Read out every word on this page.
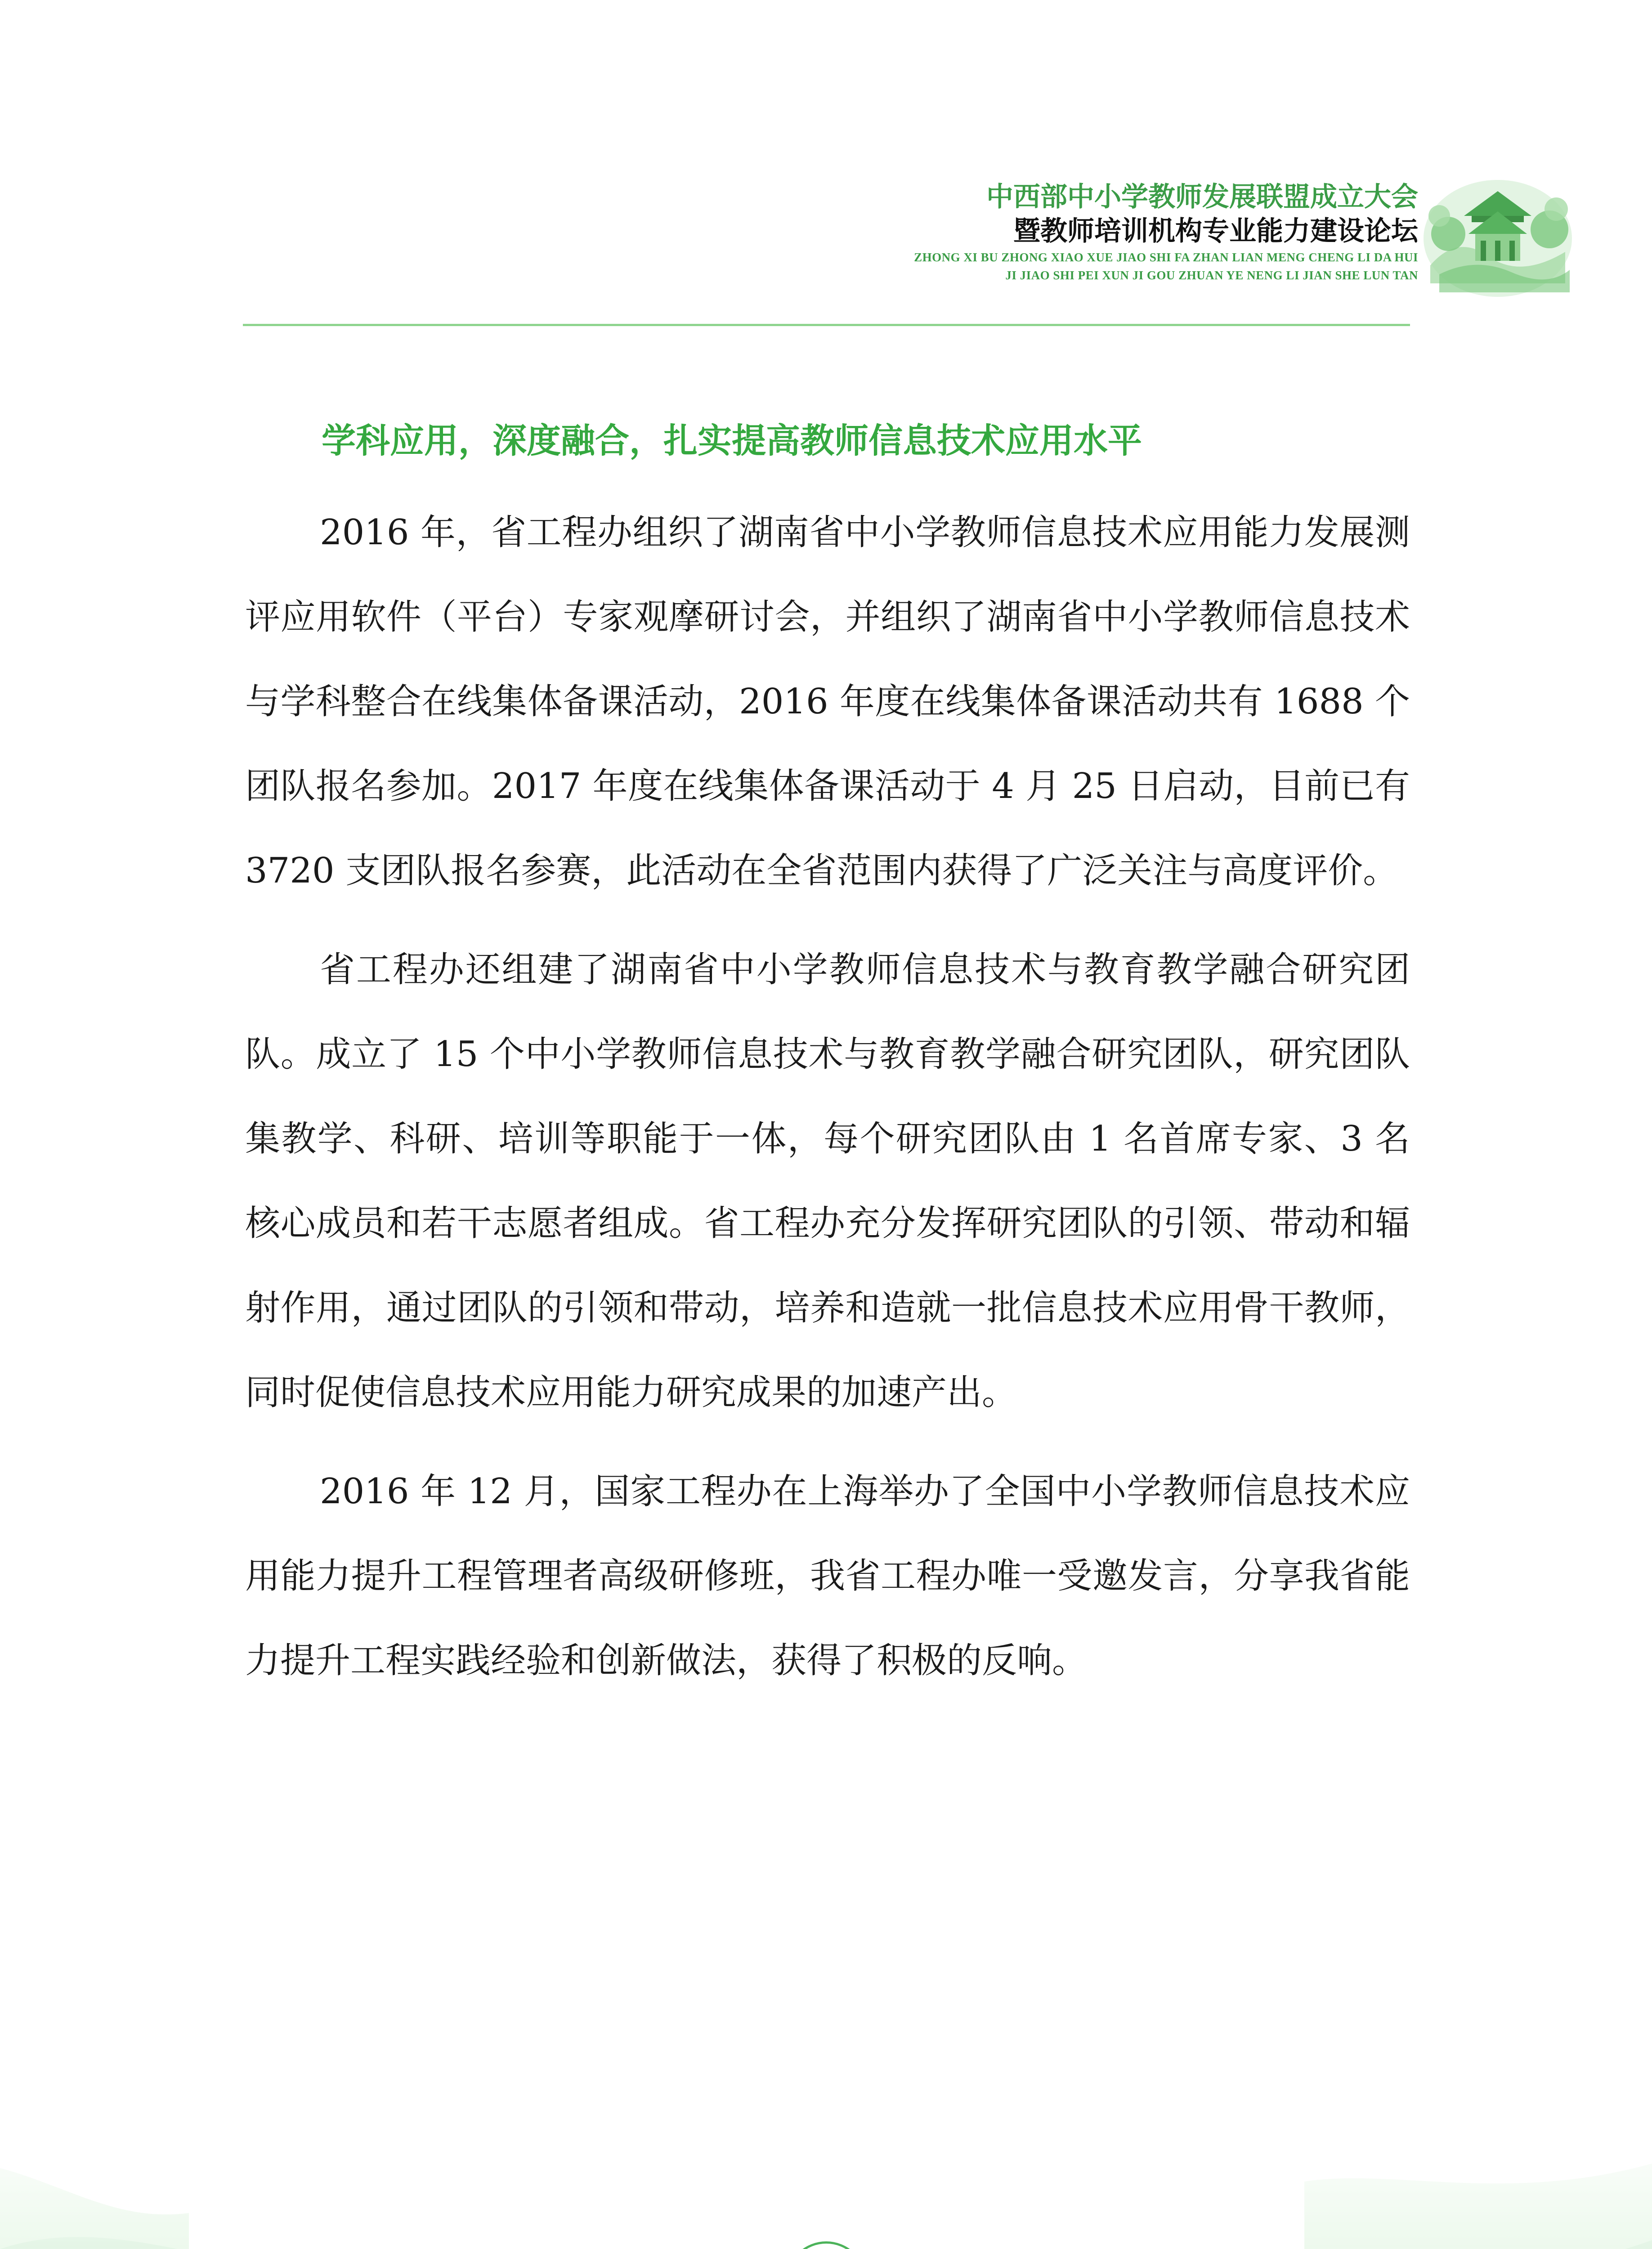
中西部中小学教师发展联盟成立大会
暨教师培训机构专业能力建设论坛
ZHONG XI BU ZHONG XIAO XUE JIAO SHI FA ZHAN LIAN MENG CHENG LI DA HUI
JI JIAO SHI PEI XUN JI GOU ZHUAN YE NENG LI JIAN SHE LUN TAN
学科应用，深度融合，扎实提高教师信息技术应用水平

2016 年，省工程办组织了湖南省中小学教师信息技术应用能力发展测评应用软件（平台）专家观摩研讨会，并组织了湖南省中小学教师信息技术与学科整合在线集体备课活动，2016 年度在线集体备课活动共有 1688 个团队报名参加。2017 年度在线集体备课活动于 4 月 25 日启动，目前已有 3720 支团队报名参赛，此活动在全省范围内获得了广泛关注与高度评价。

省工程办还组建了湖南省中小学教师信息技术与教育教学融合研究团队。成立了 15 个中小学教师信息技术与教育教学融合研究团队，研究团队集教学、科研、培训等职能于一体，每个研究团队由 1 名首席专家、3 名核心成员和若干志愿者组成。省工程办充分发挥研究团队的引领、带动和辐射作用，通过团队的引领和带动，培养和造就一批信息技术应用骨干教师，同时促使信息技术应用能力研究成果的加速产出。

2016 年 12 月，国家工程办在上海举办了全国中小学教师信息技术应用能力提升工程管理者高级研修班，我省工程办唯一受邀发言，分享我省能力提升工程实践经验和创新做法，获得了积极的反响。
